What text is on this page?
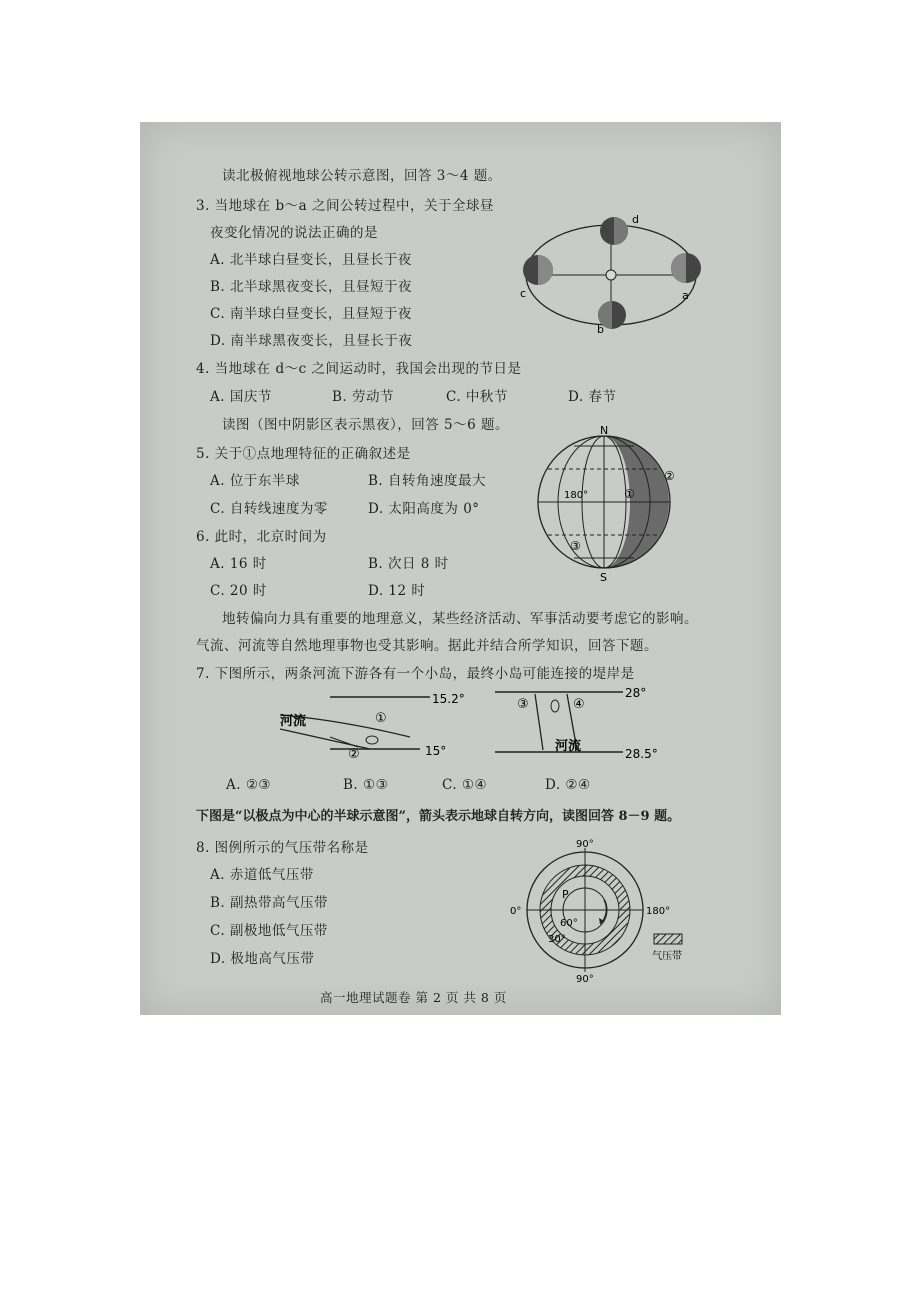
读北极俯视地球公转示意图，回答 3～4 题。
3. 当地球在 b～a 之间公转过程中，关于全球昼
夜变化情况的说法正确的是
A. 北半球白昼变长，且昼长于夜
B. 北半球黑夜变长，且昼短于夜
C. 南半球白昼变长，且昼短于夜
D. 南半球黑夜变长，且昼长于夜
4. 当地球在 d～c 之间运动时，我国会出现的节日是
A. 国庆节	B. 劳动节	C. 中秋节	D. 春节
d
b
c	a
读图（图中阴影区表示黑夜），回答 5～6 题。
5. 关于①点地理特征的正确叙述是
A. 位于东半球	B. 自转角速度最大
C. 自转线速度为零	D. 太阳高度为 0°
6. 此时，北京时间为
A. 16 时	B. 次日 8 时
C. 20 时	D. 12 时
N
S
180°	①
②
③
地转偏向力具有重要的地理意义，某些经济活动、军事活动要考虑它的影响。
气流、河流等自然地理事物也受其影响。据此并结合所学知识，回答下题。
7. 下图所示，两条河流下游各有一个小岛，最终小岛可能连接的堤岸是
15.2°
15°
河流	①
②
28°
28.5°
河流
③	④
A. ②③	B. ①③	C. ①④	D. ②④
下图是“以极点为中心的半球示意图”，箭头表示地球自转方向，读图回答 8－9 题。
8. 图例所示的气压带名称是
A. 赤道低气压带
B. 副热带高气压带
C. 副极地低气压带
D. 极地高气压带
90°
90°
0°	180°
P
60°
30°
气压带
高一地理试题卷 第 2 页 共 8 页
